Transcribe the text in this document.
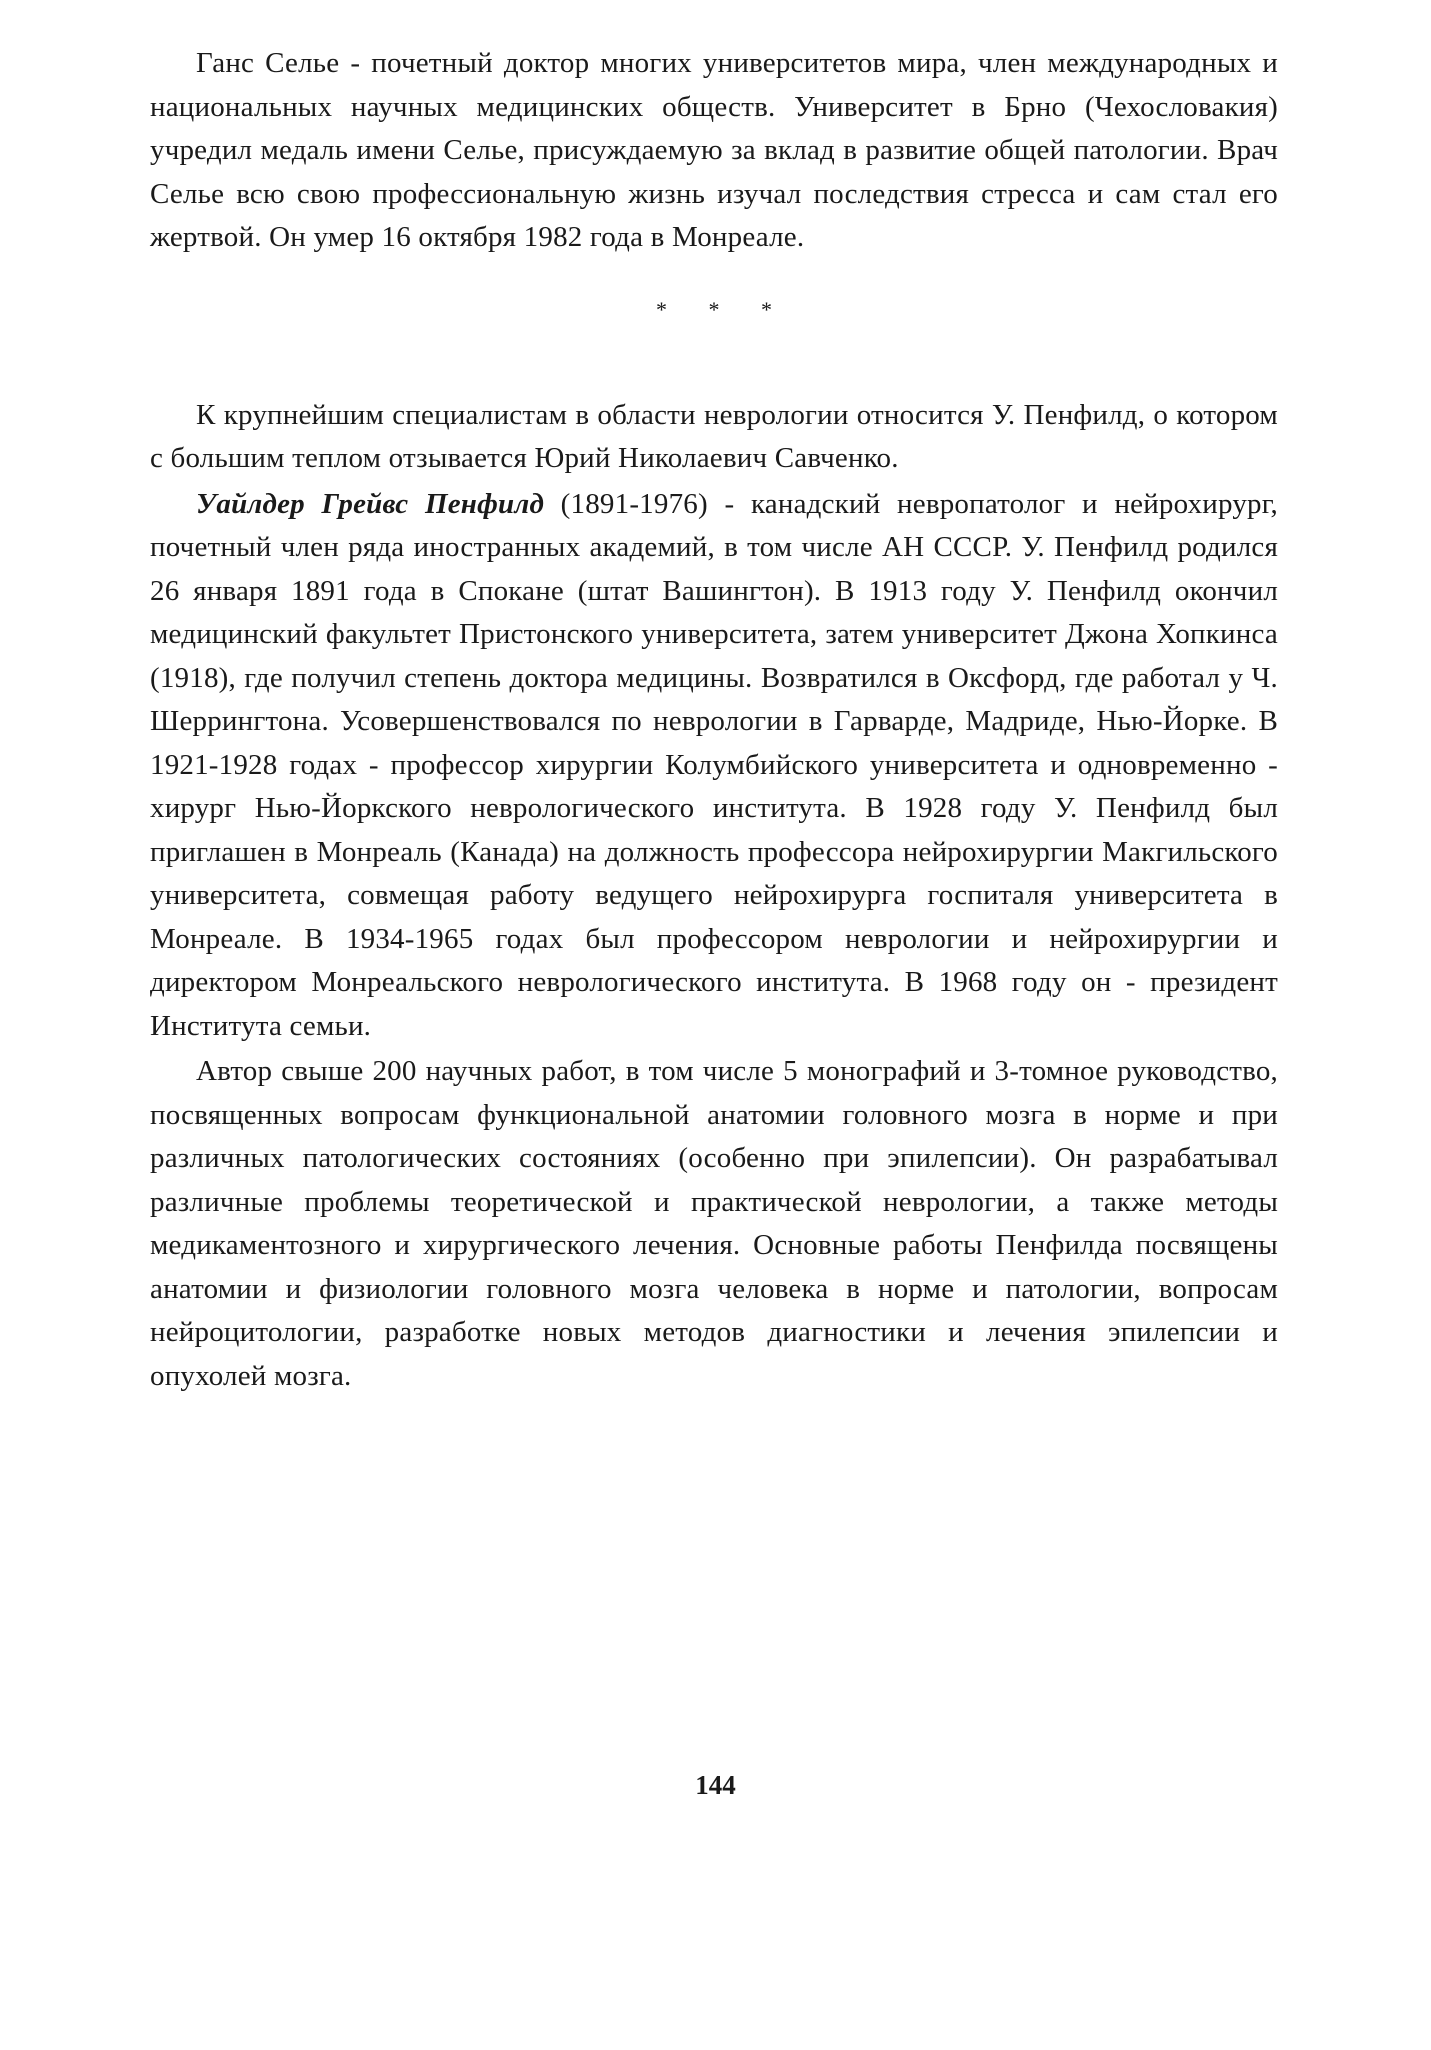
Ганс Селье - почетный доктор многих университетов мира, член международных и национальных научных медицинских обществ. Университет в Брно (Чехословакия) учредил медаль имени Селье, присуждаемую за вклад в развитие общей патологии. Врач Селье всю свою профессиональную жизнь изучал последствия стресса и сам стал его жертвой. Он умер 16 октября 1982 года в Монреале.

* * *

К крупнейшим специалистам в области неврологии относится У. Пенфилд, о котором с большим теплом отзывается Юрий Николаевич Савченко.

Уайлдер Грейвс Пенфилд (1891-1976) - канадский невропатолог и нейрохирург, почетный член ряда иностранных академий, в том числе АН СССР. У. Пенфилд родился 26 января 1891 года в Спокане (штат Вашингтон). В 1913 году У. Пенфилд окончил медицинский факультет Пристонского университета, затем университет Джона Хопкинса (1918), где получил степень доктора медицины. Возвратился в Оксфорд, где работал у Ч. Шеррингтона. Усовершенствовался по неврологии в Гарварде, Мадриде, Нью-Йорке. В 1921-1928 годах - профессор хирургии Колумбийского университета и одновременно - хирург Нью-Йоркского неврологического института. В 1928 году У. Пенфилд был приглашен в Монреаль (Канада) на должность профессора нейрохирургии Макгильского университета, совмещая работу ведущего нейрохирурга госпиталя университета в Монреале. В 1934-1965 годах был профессором неврологии и нейрохирургии и директором Монреальского неврологического института. В 1968 году он - президент Института семьи.

Автор свыше 200 научных работ, в том числе 5 монографий и 3-томное руководство, посвященных вопросам функциональной анатомии головного мозга в норме и при различных патологических состояниях (особенно при эпилепсии). Он разрабатывал различные проблемы теоретической и практической неврологии, а также методы медикаментозного и хирургического лечения. Основные работы Пенфилда посвящены анатомии и физиологии головного мозга человека в норме и патологии, вопросам нейроцитологии, разработке новых методов диагностики и лечения эпилепсии и опухолей мозга.

144
